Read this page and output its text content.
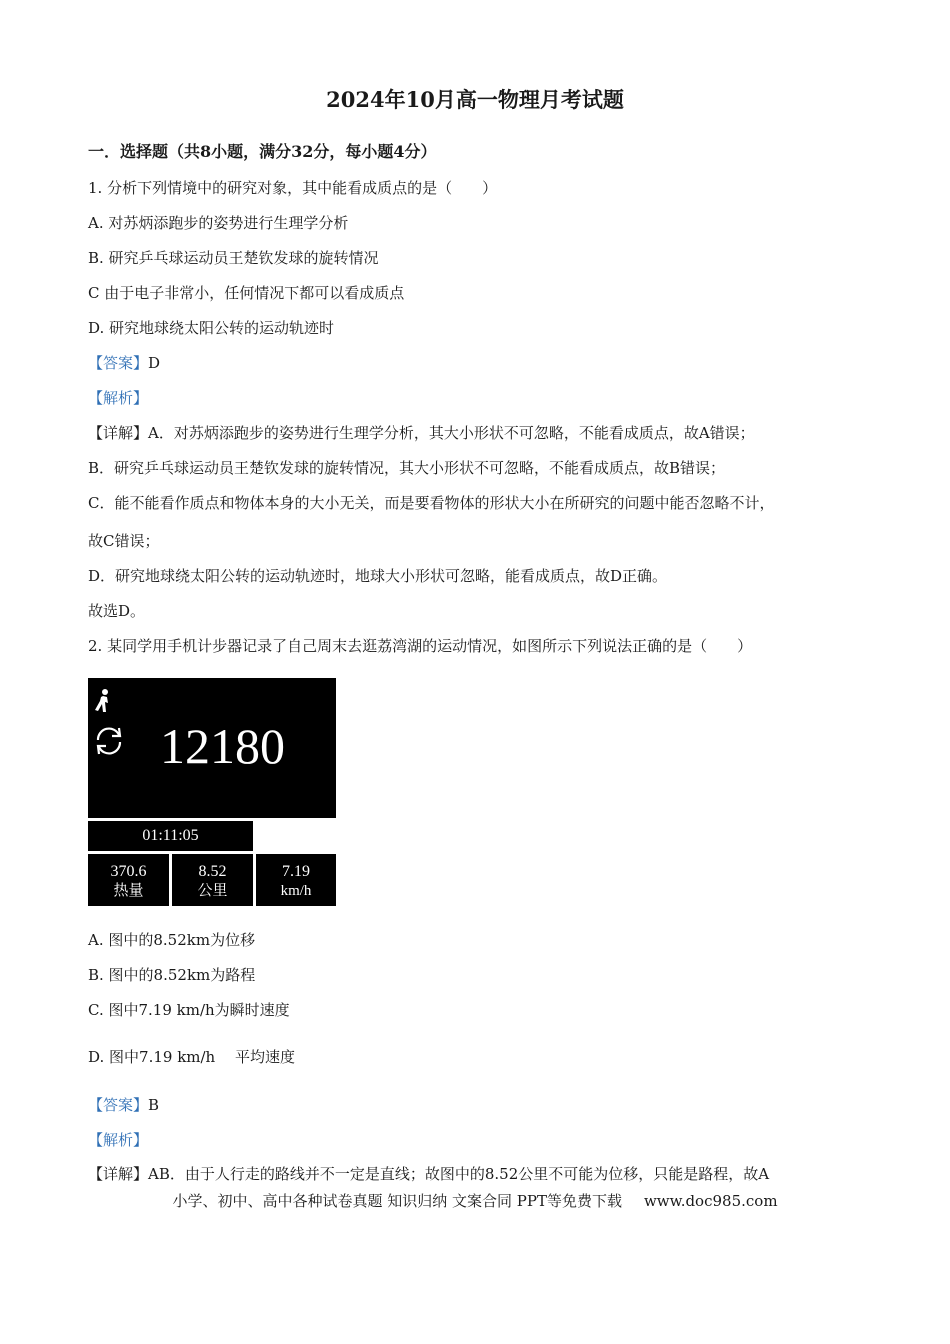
2024年10月高一物理月考试题
一．选择题（共8小题，满分32分，每小题4分）
1. 分析下列情境中的研究对象，其中能看成质点的是（　　）
A. 对苏炳添跑步的姿势进行生理学分析
B. 研究乒乓球运动员王楚钦发球的旋转情况
C 由于电子非常小，任何情况下都可以看成质点
D. 研究地球绕太阳公转的运动轨迹时
【答案】D
【解析】
【详解】A．对苏炳添跑步的姿势进行生理学分析，其大小形状不可忽略，不能看成质点，故A错误；
B．研究乒乓球运动员王楚钦发球的旋转情况，其大小形状不可忽略，不能看成质点，故B错误；
C．能不能看作质点和物体本身的大小无关，而是要看物体的形状大小在所研究的问题中能否忽略不计，
故C错误；
D．研究地球绕太阳公转的运动轨迹时，地球大小形状可忽略，能看成质点，故D正确。
故选D。
2. 某同学用手机计步器记录了自己周末去逛荔湾湖的运动情况，如图所示下列说法正确的是（　　）
12180
01:11:05
370.6
热量
8.52
公里
7.19
km/h
A. 图中的8.52km为位移
B. 图中的8.52km为路程
C. 图中7.19 km/h为瞬时速度
D. 图中7.19 km/h　 平均速度
【答案】B
【解析】
【详解】AB．由于人行走的路线并不一定是直线；故图中的8.52公里不可能为位移，只能是路程，故A
小学、初中、高中各种试卷真题 知识归纳 文案合同 PPT等免费下载 www.doc985.com
